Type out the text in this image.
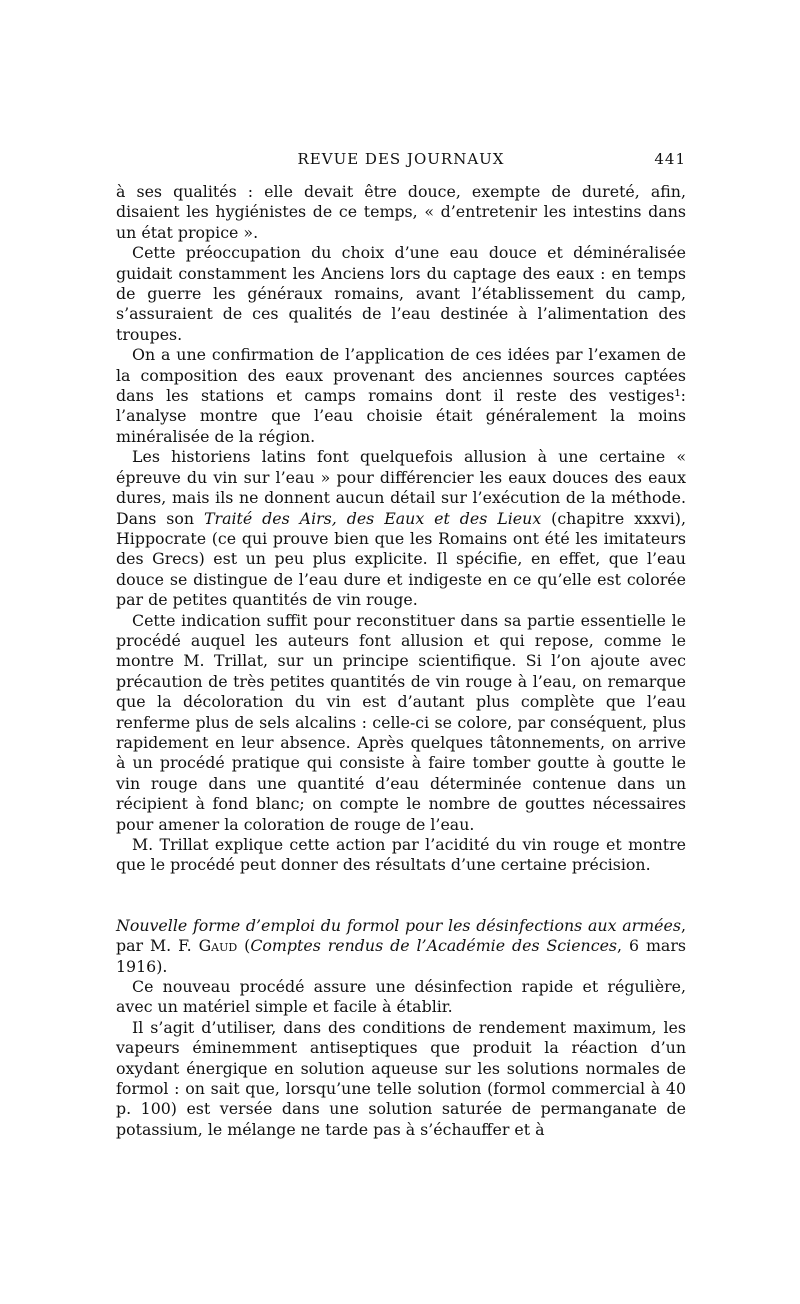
REVUE DES JOURNAUX	441

à ses qualités : elle devait être douce, exempte de dureté, afin, disaient les hygiénistes de ce temps, « d’entretenir les intestins dans un état propice ».

Cette préoccupation du choix d’une eau douce et déminéralisée guidait constamment les Anciens lors du captage des eaux : en temps de guerre les généraux romains, avant l’établissement du camp, s’assuraient de ces qualités de l’eau destinée à l’alimentation des troupes.

On a une confirmation de l’application de ces idées par l’examen de la composition des eaux provenant des anciennes sources captées dans les stations et camps romains dont il reste des vestiges¹: l’analyse montre que l’eau choisie était généralement la moins minéralisée de la région.

Les historiens latins font quelquefois allusion à une certaine « épreuve du vin sur l’eau » pour différencier les eaux douces des eaux dures, mais ils ne donnent aucun détail sur l’exécution de la méthode. Dans son Traité des Airs, des Eaux et des Lieux (chapitre xxxvi), Hippocrate (ce qui prouve bien que les Romains ont été les imitateurs des Grecs) est un peu plus explicite. Il spécifie, en effet, que l’eau douce se distingue de l’eau dure et indigeste en ce qu’elle est colorée par de petites quantités de vin rouge.

Cette indication suffit pour reconstituer dans sa partie essentielle le procédé auquel les auteurs font allusion et qui repose, comme le montre M. Trillat, sur un principe scientifique. Si l’on ajoute avec précaution de très petites quantités de vin rouge à l’eau, on remarque que la décoloration du vin est d’autant plus complète que l’eau renferme plus de sels alcalins : celle-ci se colore, par conséquent, plus rapidement en leur absence. Après quelques tâtonnements, on arrive à un procédé pratique qui consiste à faire tomber goutte à goutte le vin rouge dans une quantité d’eau déterminée contenue dans un récipient à fond blanc; on compte le nombre de gouttes nécessaires pour amener la coloration de rouge de l’eau.

M. Trillat explique cette action par l’acidité du vin rouge et montre que le procédé peut donner des résultats d’une certaine précision.

Nouvelle forme d’emploi du formol pour les désinfections aux armées, par M. F. Gaud (Comptes rendus de l’Académie des Sciences, 6 mars 1916).

Ce nouveau procédé assure une désinfection rapide et régulière, avec un matériel simple et facile à établir.

Il s’agit d’utiliser, dans des conditions de rendement maximum, les vapeurs éminemment antiseptiques que produit la réaction d’un oxydant énergique en solution aqueuse sur les solutions normales de formol : on sait que, lorsqu’une telle solution (formol commercial à 40 p. 100) est versée dans une solution saturée de permanganate de potassium, le mélange ne tarde pas à s’échauffer et à
